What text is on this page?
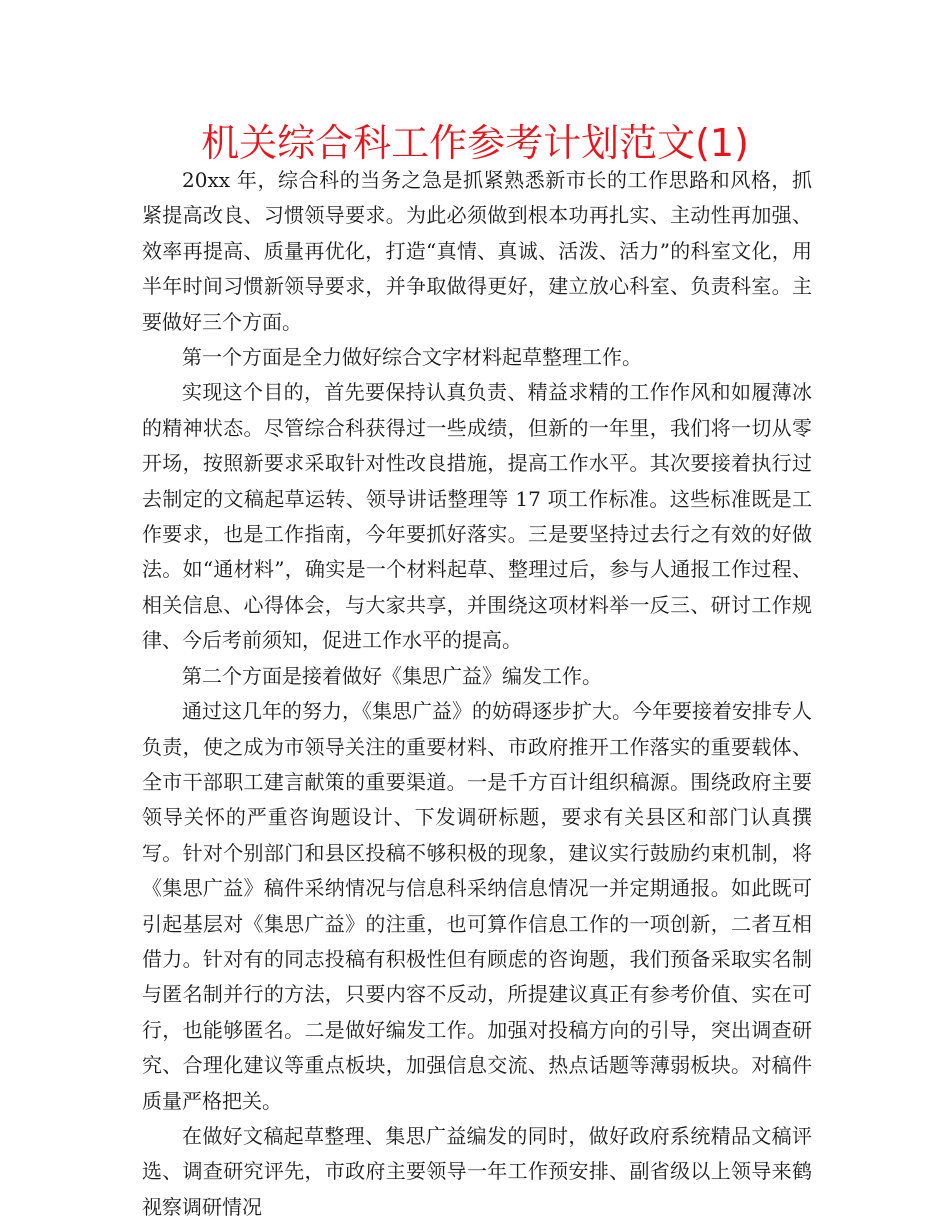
机关综合科工作参考计划范文(1)

20xx 年，综合科的当务之急是抓紧熟悉新市长的工作思路和风格，抓紧提高改良、习惯领导要求。为此必须做到根本功再扎实、主动性再加强、效率再提高、质量再优化，打造“真情、真诚、活泼、活力”的科室文化，用半年时间习惯新领导要求，并争取做得更好，建立放心科室、负责科室。主要做好三个方面。

第一个方面是全力做好综合文字材料起草整理工作。

实现这个目的，首先要保持认真负责、精益求精的工作作风和如履薄冰的精神状态。尽管综合科获得过一些成绩，但新的一年里，我们将一切从零开场，按照新要求采取针对性改良措施，提高工作水平。其次要接着执行过去制定的文稿起草运转、领导讲话整理等 17 项工作标准。这些标准既是工作要求，也是工作指南，今年要抓好落实。三是要坚持过去行之有效的好做法。如“通材料”，确实是一个材料起草、整理过后，参与人通报工作过程、相关信息、心得体会，与大家共享，并围绕这项材料举一反三、研讨工作规律、今后考前须知，促进工作水平的提高。

第二个方面是接着做好《集思广益》编发工作。

通过这几年的努力，《集思广益》的妨碍逐步扩大。今年要接着安排专人负责，使之成为市领导关注的重要材料、市政府推开工作落实的重要载体、全市干部职工建言献策的重要渠道。一是千方百计组织稿源。围绕政府主要领导关怀的严重咨询题设计、下发调研标题，要求有关县区和部门认真撰写。针对个别部门和县区投稿不够积极的现象，建议实行鼓励约束机制，将《集思广益》稿件采纳情况与信息科采纳信息情况一并定期通报。如此既可引起基层对《集思广益》的注重，也可算作信息工作的一项创新，二者互相借力。针对有的同志投稿有积极性但有顾虑的咨询题，我们预备采取实名制与匿名制并行的方法，只要内容不反动，所提建议真正有参考价值、实在可行，也能够匿名。二是做好编发工作。加强对投稿方向的引导，突出调查研究、合理化建议等重点板块，加强信息交流、热点话题等薄弱板块。对稿件质量严格把关。

在做好文稿起草整理、集思广益编发的同时，做好政府系统精品文稿评选、调查研究评先，市政府主要领导一年工作预安排、副省级以上领导来鹤视察调研情况
